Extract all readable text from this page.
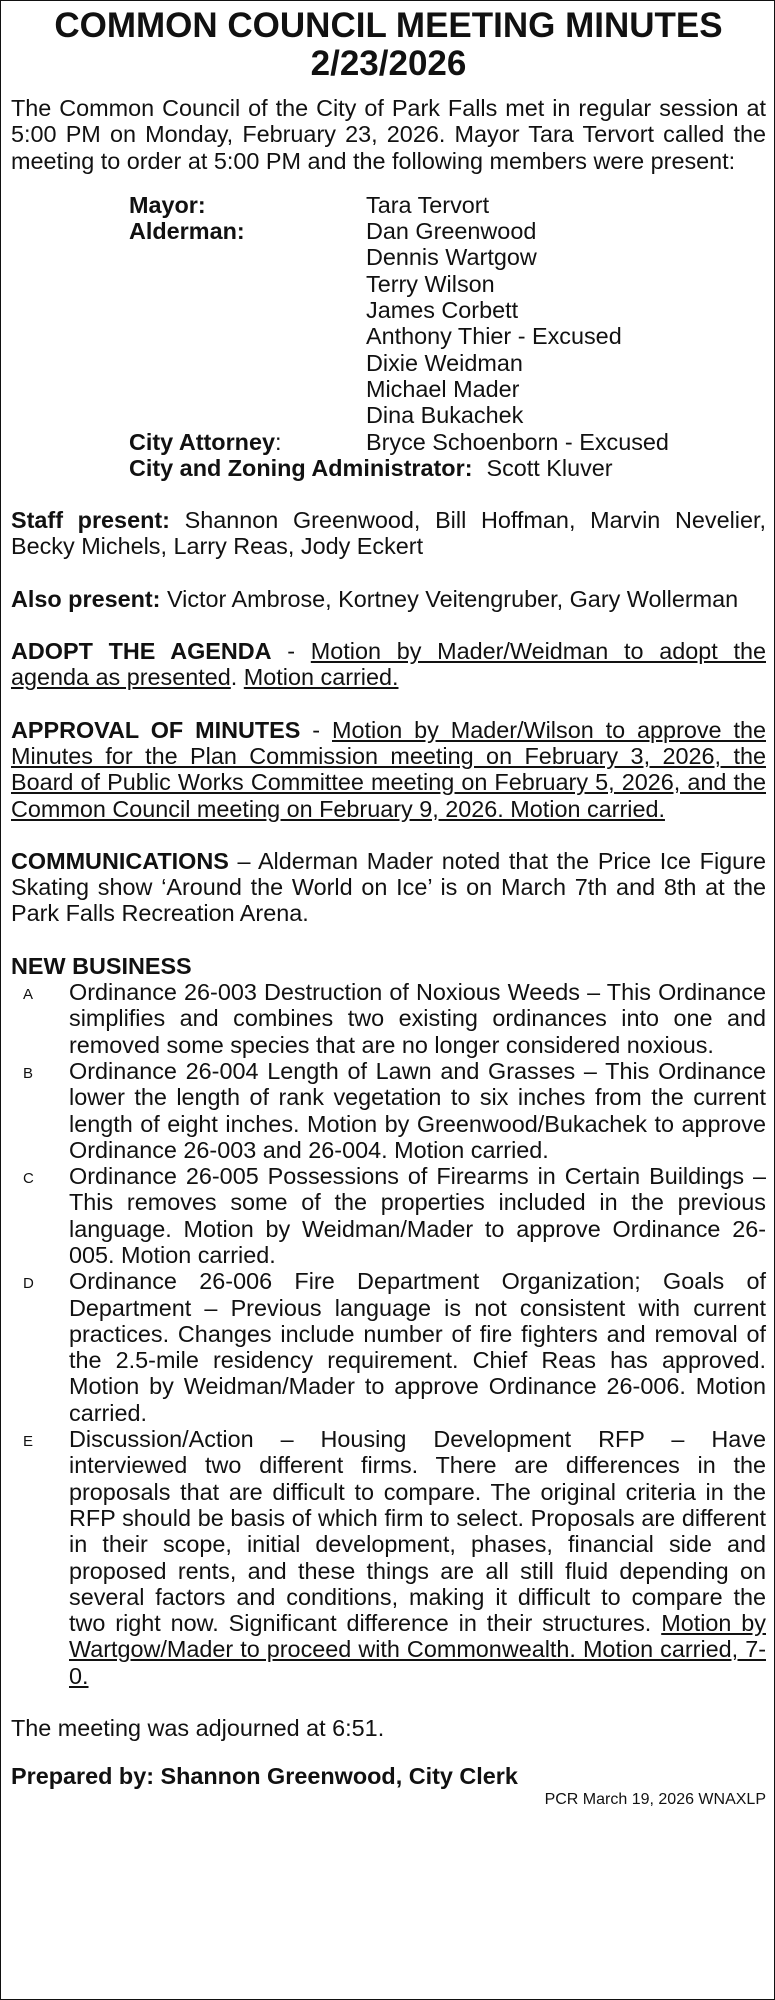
COMMON COUNCIL MEETING MINUTES
2/23/2026

The Common Council of the City of Park Falls met in regular session at 5:00 PM on Monday, February 23, 2026. Mayor Tara Tervort called the meeting to order at 5:00 PM and the following members were present:

Mayor:	Tara Tervort
Alderman:	Dan Greenwood
Dennis Wartgow
Terry Wilson
James Corbett
Anthony Thier - Excused
Dixie Weidman
Michael Mader
Dina Bukachek
City Attorney:	Bryce Schoenborn - Excused
City and Zoning Administrator: Scott Kluver

Staff present: Shannon Greenwood, Bill Hoffman, Marvin Nevelier, Becky Michels, Larry Reas, Jody Eckert

Also present: Victor Ambrose, Kortney Veitengruber, Gary Wollerman

ADOPT THE AGENDA - Motion by Mader/Weidman to adopt the agenda as presented. Motion carried.

APPROVAL OF MINUTES - Motion by Mader/Wilson to approve the Minutes for the Plan Commission meeting on February 3, 2026, the Board of Public Works Committee meeting on February 5, 2026, and the Common Council meeting on February 9, 2026. Motion carried.

COMMUNICATIONS – Alderman Mader noted that the Price Ice Figure Skating show ‘Around the World on Ice’ is on March 7th and 8th at the Park Falls Recreation Arena.

NEW BUSINESS
A	Ordinance 26-003 Destruction of Noxious Weeds – This Ordinance simplifies and combines two existing ordinances into one and removed some species that are no longer considered noxious.
B	Ordinance 26-004 Length of Lawn and Grasses – This Ordinance lower the length of rank vegetation to six inches from the current length of eight inches. Motion by Greenwood/Bukachek to approve Ordinance 26-003 and 26-004. Motion carried.
C	Ordinance 26-005 Possessions of Firearms in Certain Buildings – This removes some of the properties included in the previous language. Motion by Weidman/Mader to approve Ordinance 26-005. Motion carried.
D	Ordinance 26-006 Fire Department Organization; Goals of Department – Previous language is not consistent with current practices. Changes include number of fire fighters and removal of the 2.5-mile residency requirement. Chief Reas has approved. Motion by Weidman/Mader to approve Ordinance 26-006. Motion carried.
E	Discussion/Action – Housing Development RFP – Have interviewed two different firms. There are differences in the proposals that are difficult to compare. The original criteria in the RFP should be basis of which firm to select. Proposals are different in their scope, initial development, phases, financial side and proposed rents, and these things are all still fluid depending on several factors and conditions, making it difficult to compare the two right now. Significant difference in their structures. Motion by Wartgow/Mader to proceed with Commonwealth. Motion carried, 7-0.

The meeting was adjourned at 6:51.

Prepared by: Shannon Greenwood, City Clerk

PCR March 19, 2026 WNAXLP
